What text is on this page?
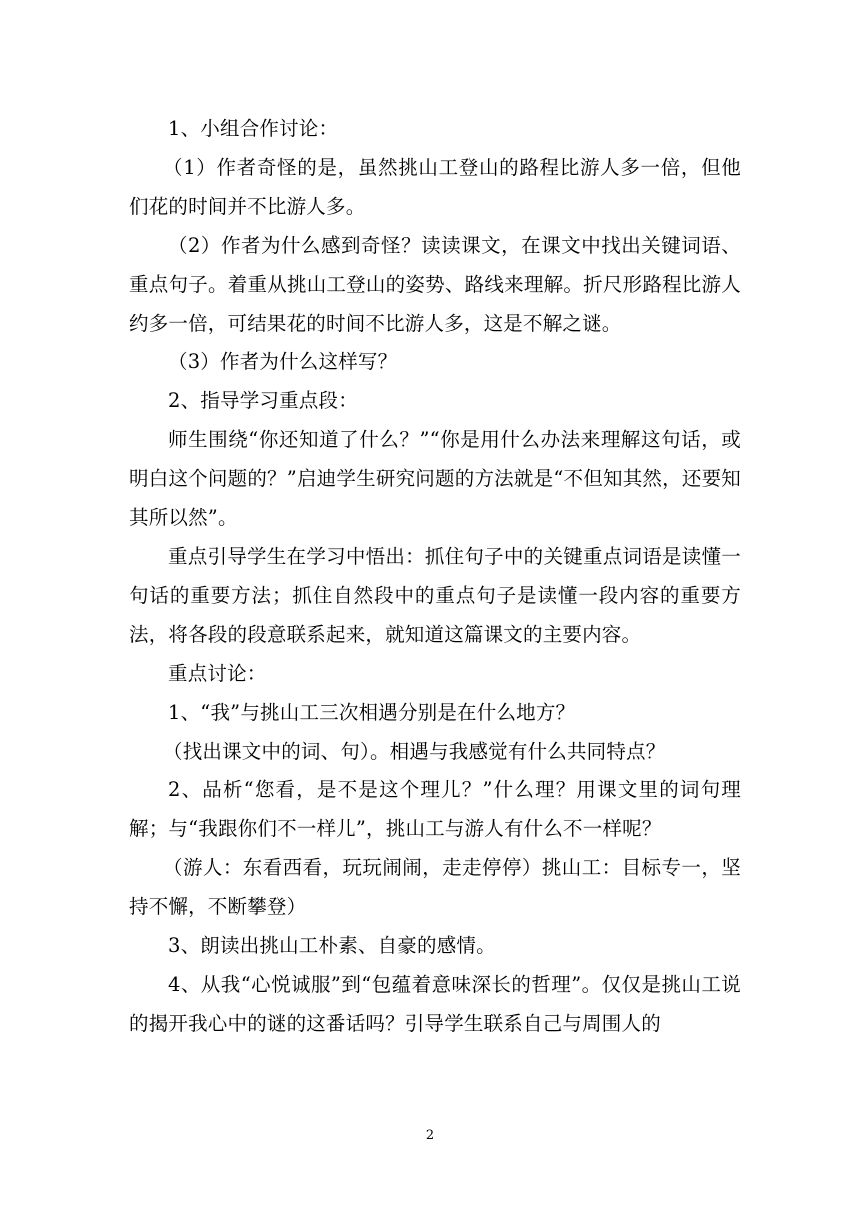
1、小组合作讨论：

（1）作者奇怪的是，虽然挑山工登山的路程比游人多一倍，但他们花的时间并不比游人多。

（2）作者为什么感到奇怪？读读课文，在课文中找出关键词语、重点句子。着重从挑山工登山的姿势、路线来理解。折尺形路程比游人约多一倍，可结果花的时间不比游人多，这是不解之谜。

（3）作者为什么这样写？

2、指导学习重点段：

师生围绕“你还知道了什么？”“你是用什么办法来理解这句话，或明白这个问题的？”启迪学生研究问题的方法就是“不但知其然，还要知其所以然”。

重点引导学生在学习中悟出：抓住句子中的关键重点词语是读懂一句话的重要方法；抓住自然段中的重点句子是读懂一段内容的重要方法，将各段的段意联系起来，就知道这篇课文的主要内容。

重点讨论：

1、“我”与挑山工三次相遇分别是在什么地方？

（找出课文中的词、句）。相遇与我感觉有什么共同特点？

2、品析“您看，是不是这个理儿？”什么理？用课文里的词句理解；与“我跟你们不一样儿”，挑山工与游人有什么不一样呢？

（游人：东看西看，玩玩闹闹，走走停停）挑山工：目标专一，坚持不懈，不断攀登）

3、朗读出挑山工朴素、自豪的感情。

4、从我“心悦诚服”到“包蕴着意味深长的哲理”。仅仅是挑山工说的揭开我心中的谜的这番话吗？引导学生联系自己与周围人的

2
